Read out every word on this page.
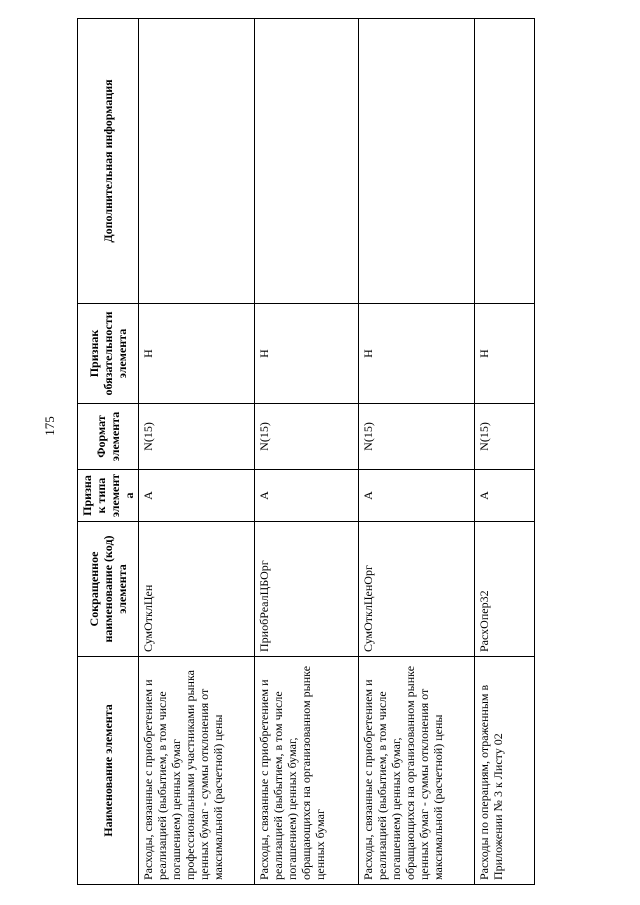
175
Наименование элемента	Сокращенное наименование (код) элемента	Признак типа элемента	Формат элемента	Признак обязательности элемента	Дополнительная информация
Расходы, связанные с приобретением и реализацией (выбытием, в том числе погашением) ценных бумаг профессиональными участниками рынка ценных бумаг - суммы отклонения от максимальной (расчетной) цены	СумОтклЦен	А	N(15)	Н	
Расходы, связанные с приобретением и реализацией (выбытием, в том числе погашением) ценных бумаг, обращающихся на организованном рынке ценных бумаг	ПриобРеалЦБОрг	А	N(15)	Н	
Расходы, связанные с приобретением и реализацией (выбытием, в том числе погашением) ценных бумаг, обращающихся на организованном рынке ценных бумаг - суммы отклонения от максимальной (расчетной) цены	СумОтклЦенОрг	А	N(15)	Н	
Расходы по операциям, отраженным в Приложении № 3 к Листу 02	РасхОпер32	А	N(15)	Н	
